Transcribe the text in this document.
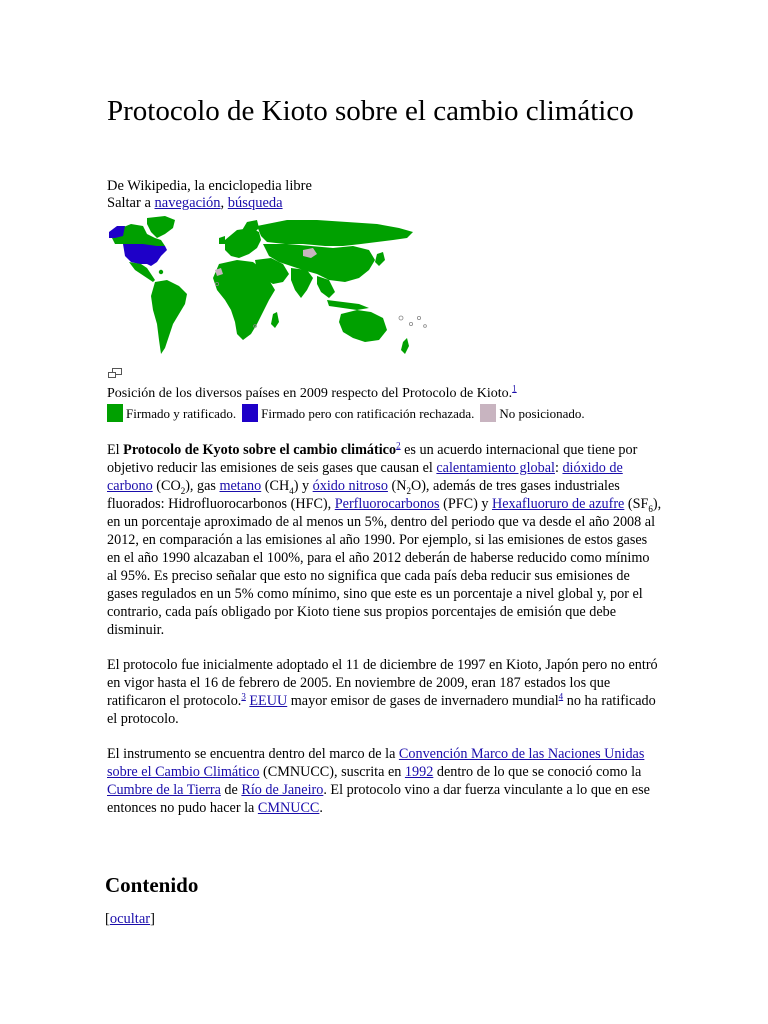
Protocolo de Kioto sobre el cambio climático
De Wikipedia, la enciclopedia libre
Saltar a navegación, búsqueda
Posición de los diversos países en 2009 respecto del Protocolo de Kioto.$^1$
Firmado y ratificado. Firmado pero con ratificación rechazada. No posicionado.
El Protocolo de Kyoto sobre el cambio climático$^2$ es un acuerdo internacional que tiene por objetivo reducir las emisiones de seis gases que causan el calentamiento global: dióxido de carbono $(CO_2)$, gas metano $(CH_4)$ y óxido nitroso $(N_2O)$, además de tres gases industriales fluorados: Hidrofluorocarbonos (HFC), Perfluorocarbonos (PFC) y Hexafluoruro de azufre $(SF_6)$, en un porcentaje aproximado de al menos un 5%, dentro del periodo que va desde el año 2008 al 2012, en comparación a las emisiones al año 1990. Por ejemplo, si las emisiones de estos gases en el año 1990 alcazaban el 100%, para el año 2012 deberán de haberse reducido como mínimo al 95%. Es preciso señalar que esto no significa que cada país deba reducir sus emisiones de gases regulados en un 5% como mínimo, sino que este es un porcentaje a nivel global y, por el contrario, cada país obligado por Kioto tiene sus propios porcentajes de emisión que debe disminuir.
El protocolo fue inicialmente adoptado el 11 de diciembre de 1997 en Kioto, Japón pero no entró en vigor hasta el 16 de febrero de 2005. En noviembre de 2009, eran 187 estados los que ratificaron el protocolo.$^3$ EEUU mayor emisor de gases de invernadero mundial$^4$ no ha ratificado el protocolo.
El instrumento se encuentra dentro del marco de la Convención Marco de las Naciones Unidas sobre el Cambio Climático (CMNUCC), suscrita en 1992 dentro de lo que se conoció como la Cumbre de la Tierra de Río de Janeiro. El protocolo vino a dar fuerza vinculante a lo que en ese entonces no pudo hacer la CMNUCC.
Contenido
[ocultar]
